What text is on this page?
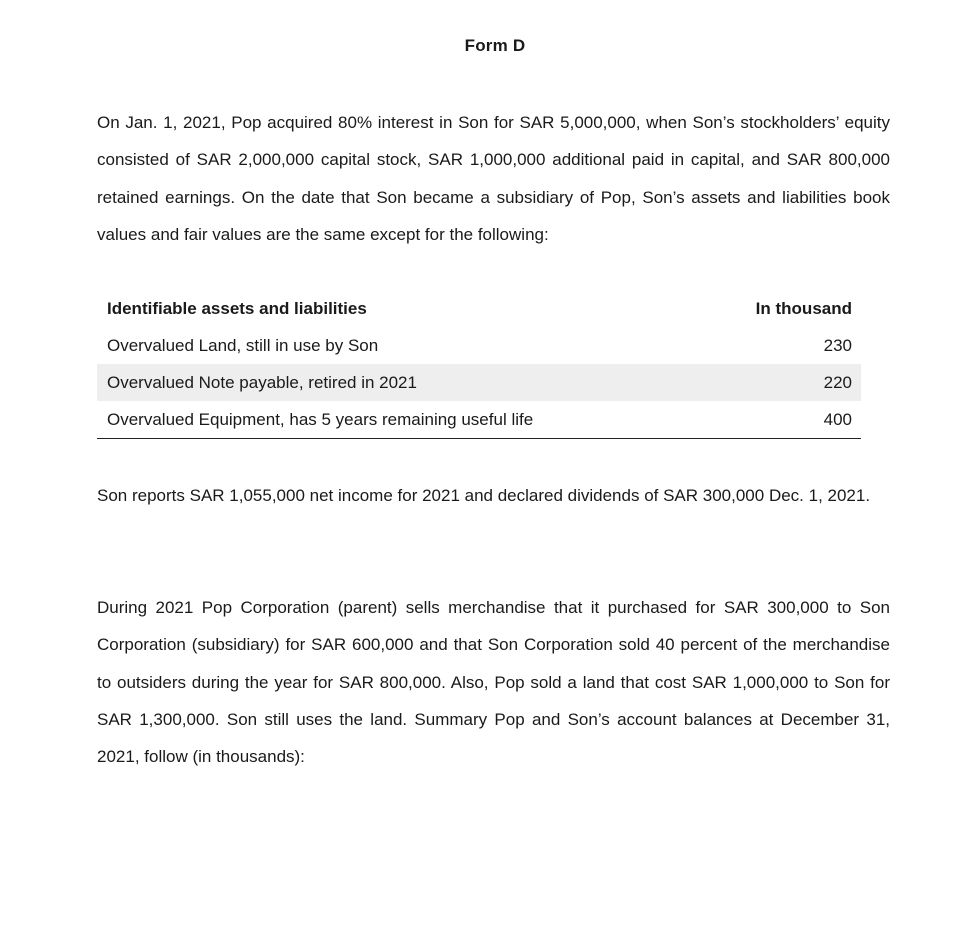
Form D

On Jan. 1, 2021, Pop acquired 80% interest in Son for SAR 5,000,000, when Son’s stockholders’ equity consisted of SAR 2,000,000 capital stock, SAR 1,000,000 additional paid in capital, and SAR 800,000 retained earnings. On the date that Son became a subsidiary of Pop, Son’s assets and liabilities book values and fair values are the same except for the following:

Identifiable assets and liabilities	In thousand
Overvalued Land, still in use by Son	230
Overvalued Note payable, retired in 2021	220
Overvalued Equipment, has 5 years remaining useful life	400

Son reports SAR 1,055,000 net income for 2021 and declared dividends of SAR 300,000 Dec. 1, 2021.

During 2021 Pop Corporation (parent) sells merchandise that it purchased for SAR 300,000 to Son Corporation (subsidiary) for SAR 600,000 and that Son Corporation sold 40 percent of the merchandise to outsiders during the year for SAR 800,000. Also, Pop sold a land that cost SAR 1,000,000 to Son for SAR 1,300,000. Son still uses the land. Summary Pop and Son’s account balances at December 31, 2021, follow (in thousands):
